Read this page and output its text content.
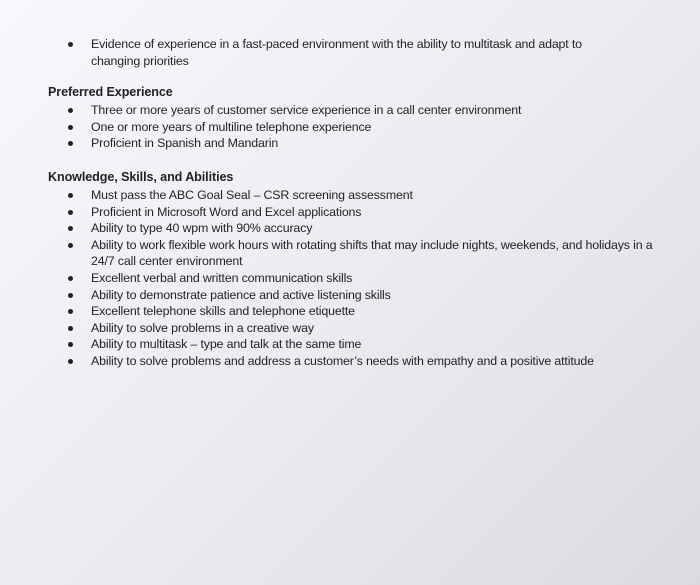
Evidence of experience in a fast-paced environment with the ability to multitask and adapt to changing priorities
Preferred Experience
Three or more years of customer service experience in a call center environment
One or more years of multiline telephone experience
Proficient in Spanish and Mandarin
Knowledge, Skills, and Abilities
Must pass the ABC Goal Seal – CSR screening assessment
Proficient in Microsoft Word and Excel applications
Ability to type 40 wpm with 90% accuracy
Ability to work flexible work hours with rotating shifts that may include nights, weekends, and holidays in a 24/7 call center environment
Excellent verbal and written communication skills
Ability to demonstrate patience and active listening skills
Excellent telephone skills and telephone etiquette
Ability to solve problems in a creative way
Ability to multitask – type and talk at the same time
Ability to solve problems and address a customer’s needs with empathy and a positive attitude
